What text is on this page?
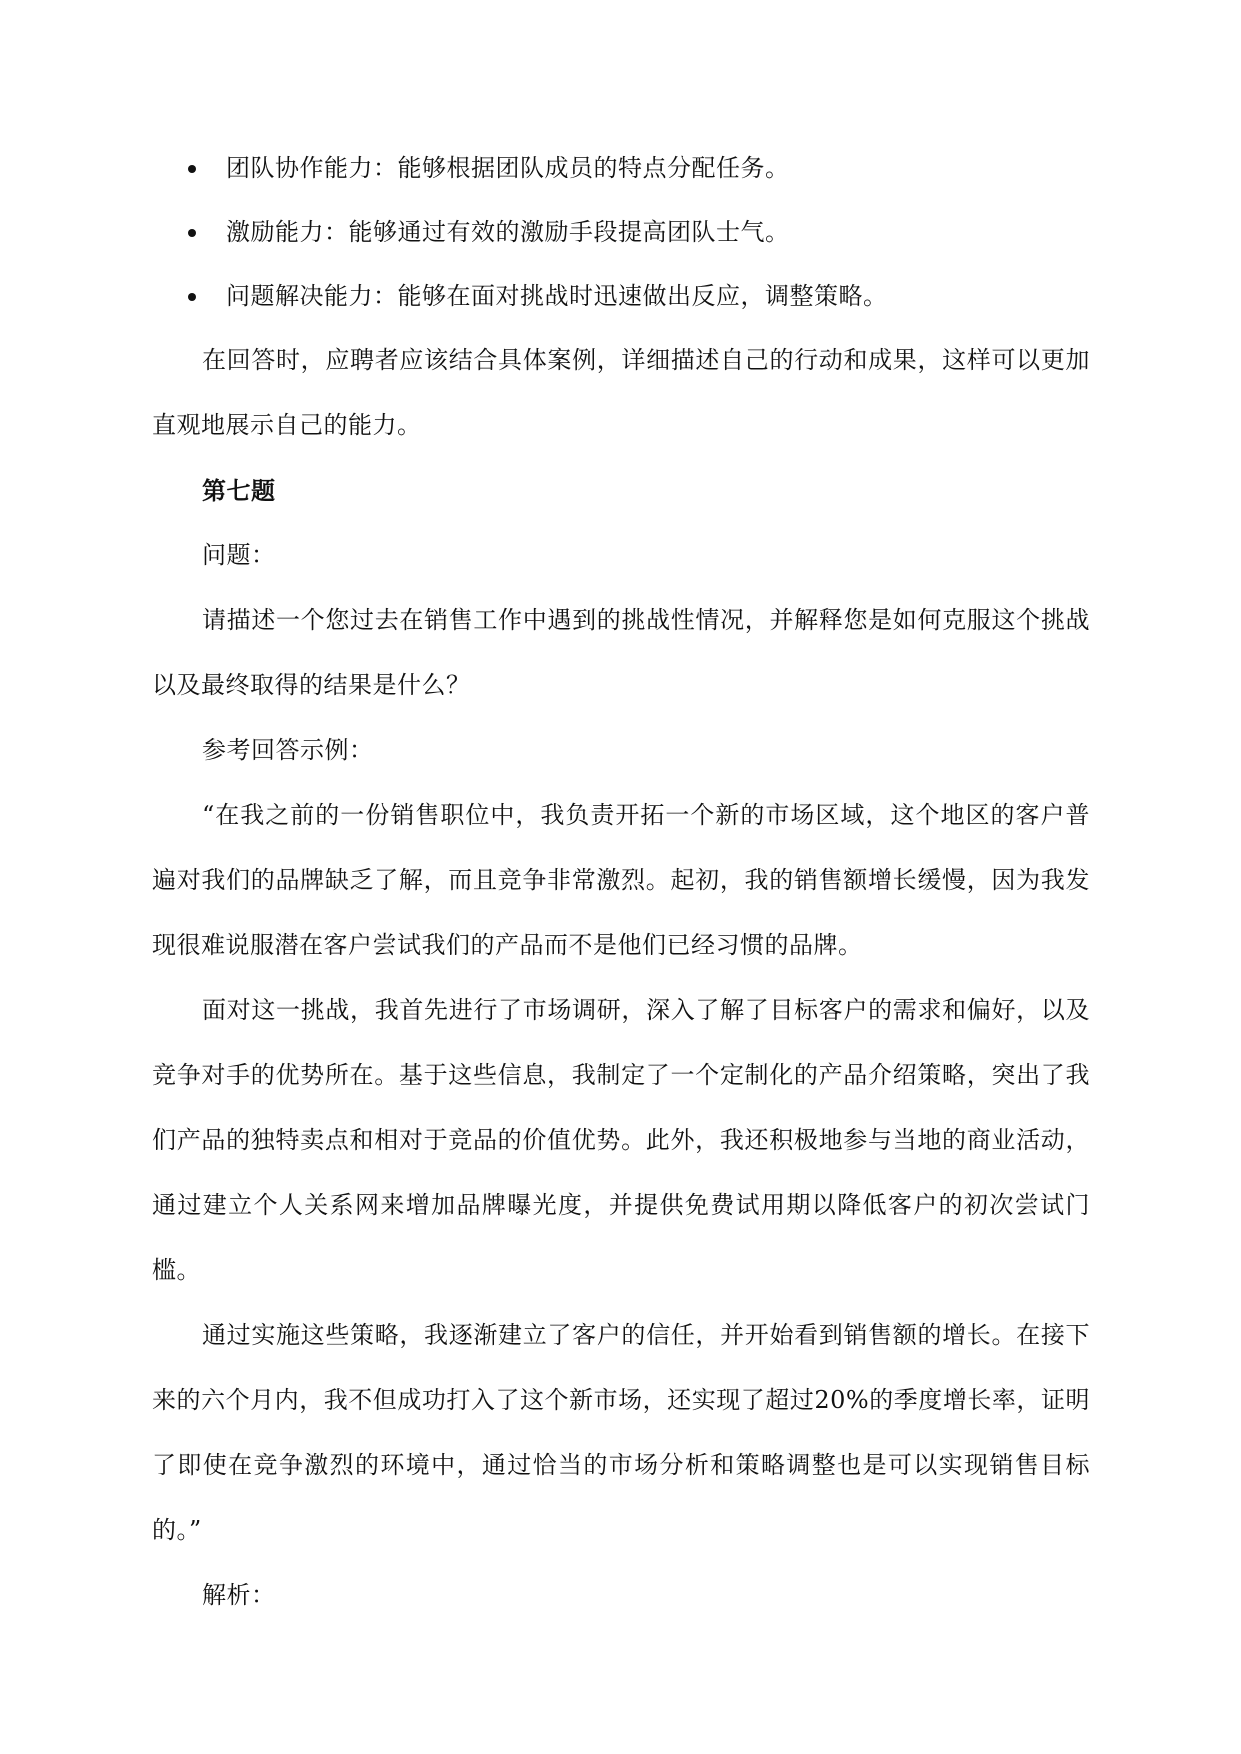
团队协作能力：能够根据团队成员的特点分配任务。
激励能力：能够通过有效的激励手段提高团队士气。
问题解决能力：能够在面对挑战时迅速做出反应，调整策略。

在回答时，应聘者应该结合具体案例，详细描述自己的行动和成果，这样可以更加直观地展示自己的能力。

第七题

问题：

请描述一个您过去在销售工作中遇到的挑战性情况，并解释您是如何克服这个挑战以及最终取得的结果是什么？

参考回答示例：

“在我之前的一份销售职位中，我负责开拓一个新的市场区域，这个地区的客户普遍对我们的品牌缺乏了解，而且竞争非常激烈。起初，我的销售额增长缓慢，因为我发现很难说服潜在客户尝试我们的产品而不是他们已经习惯的品牌。

面对这一挑战，我首先进行了市场调研，深入了解了目标客户的需求和偏好，以及竞争对手的优势所在。基于这些信息，我制定了一个定制化的产品介绍策略，突出了我们产品的独特卖点和相对于竞品的价值优势。此外，我还积极地参与当地的商业活动，通过建立个人关系网来增加品牌曝光度，并提供免费试用期以降低客户的初次尝试门槛。

通过实施这些策略，我逐渐建立了客户的信任，并开始看到销售额的增长。在接下来的六个月内，我不但成功打入了这个新市场，还实现了超过20%的季度增长率，证明了即使在竞争激烈的环境中，通过恰当的市场分析和策略调整也是可以实现销售目标的。”

解析：
